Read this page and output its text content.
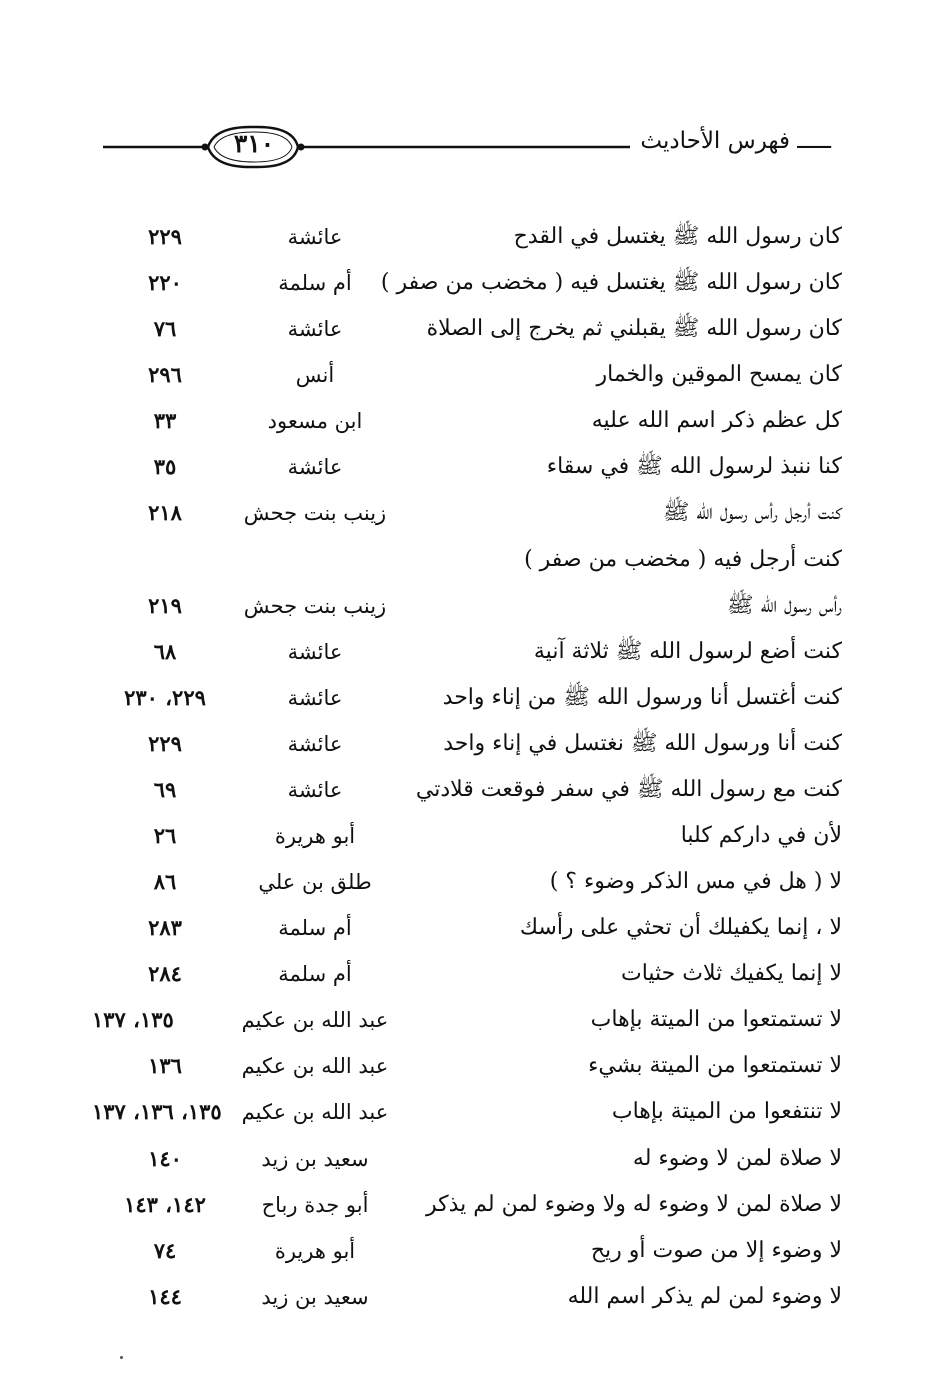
٣١٠	ـــــ فهرس الأحاديث
كان رسول الله ﷺ يغتسل في القدح
عائشة
٢٢٩
كان رسول الله ﷺ يغتسل فيه ( مخضب من صفر )
أم سلمة
٢٢٠
كان رسول الله ﷺ يقبلني ثم يخرج إلى الصلاة
عائشة
٧٦
كان يمسح الموقين والخمار
أنس
٢٩٦
كل عظم ذكر اسم الله عليه
ابن مسعود
٣٣
كنا ننبذ لرسول الله ﷺ في سقاء
عائشة
٣٥
كنت أرجل رأس رسول الله ﷺ
زينب بنت جحش
٢١٨
كنت أرجل فيه ( مخضب من صفر )
رأس رسول الله ﷺ
زينب بنت جحش
٢١٩
كنت أضع لرسول الله ﷺ ثلاثة آنية
عائشة
٦٨
كنت أغتسل أنا ورسول الله ﷺ من إناء واحد
عائشة
٢٢٩، ٢٣٠
كنت أنا ورسول الله ﷺ نغتسل في إناء واحد
عائشة
٢٢٩
كنت مع رسول الله ﷺ في سفر فوقعت قلادتي
عائشة
٦٩
لأن في داركم كلبا
أبو هريرة
٢٦
لا ( هل في مس الذكر وضوء ؟ )
طلق بن علي
٨٦
لا ، إنما يكفيلك أن تحثي على رأسك
أم سلمة
٢٨٣
لا إنما يكفيك ثلاث حثيات
أم سلمة
٢٨٤
لا تستمتعوا من الميتة بإهاب
عبد الله بن عكيم
١٣٥، ١٣٧
لا تستمتعوا من الميتة بشيء
عبد الله بن عكيم
١٣٦
لا تنتفعوا من الميتة بإهاب
عبد الله بن عكيم
١٣٥، ١٣٦، ١٣٧
لا صلاة لمن لا وضوء له
سعيد بن زيد
١٤٠
لا صلاة لمن لا وضوء له ولا وضوء لمن لم يذكر
أبو جدة رباح
١٤٢، ١٤٣
لا وضوء إلا من صوت أو ريح
أبو هريرة
٧٤
لا وضوء لمن لم يذكر اسم الله
سعيد بن زيد
١٤٤
